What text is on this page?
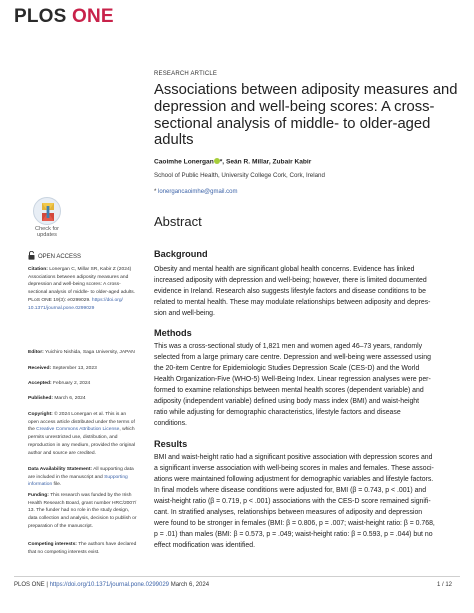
PLOS ONE
RESEARCH ARTICLE
Associations between adiposity measures and
depression and well-being scores: A cross-
sectional analysis of middle- to older-aged
adults
Caoimhe Lonergan *, Seán R. Millar, Zubair Kabir
School of Public Health, University College Cork, Cork, Ireland
* lonergancaoimhe@gmail.com
Abstract
Background
Obesity and mental health are significant global health concerns. Evidence has linked
increased adiposity with depression and well-being; however, there is limited documented
evidence in Ireland. Research also suggests lifestyle factors and disease conditions to be
related to mental health. These may modulate relationships between adiposity and depres-
sion and well-being.
Methods
This was a cross-sectional study of 1,821 men and women aged 46–73 years, randomly
selected from a large primary care centre. Depression and well-being were assessed using
the 20-item Centre for Epidemiologic Studies Depression Scale (CES-D) and the World
Health Organization-Five (WHO-5) Well-Being Index. Linear regression analyses were per-
formed to examine relationships between mental health scores (dependent variable) and
adiposity (independent variable) defined using body mass index (BMI) and waist-height
ratio while adjusting for demographic characteristics, lifestyle factors and disease
conditions.
Results
BMI and waist-height ratio had a significant positive association with depression scores and
a significant inverse association with well-being scores in males and females. These associ-
ations were maintained following adjustment for demographic variables and lifestyle factors.
In final models where disease conditions were adjusted for, BMI (β = 0.743, p < .001) and
waist-height ratio (β = 0.719, p < .001) associations with the CES-D score remained signifi-
cant. In stratified analyses, relationships between measures of adiposity and depression
were found to be stronger in females (BMI: β = 0.806, p = .007; waist-height ratio: β = 0.768,
p = .01) than males (BMI: β = 0.573, p = .049; waist-height ratio: β = 0.593, p = .044) but no
effect modification was identified.
Check for
updates
OPEN ACCESS
Citation: Lonergan C, Millar SR, Kabir Z (2024)
Associations between adiposity measures and
depression and well-being scores: A cross-
sectional analysis of middle- to older-aged adults.
PLoS ONE 19(3): e0299029. https://doi.org/
10.1371/journal.pone.0299029
Editor: Yuichiro Nishida, Saga University, JAPAN
Received: September 13, 2023
Accepted: February 2, 2024
Published: March 6, 2024
Copyright: © 2024 Lonergan et al. This is an
open access article distributed under the terms of
the Creative Commons Attribution License, which
permits unrestricted use, distribution, and
reproduction in any medium, provided the original
author and source are credited.
Data Availability Statement: All supporting data
are included in the manuscript and Supporting
information file.
Funding: This research was funded by the Irish
Health Research Board, grant number HRC/2007/
13. The funder had no role in the study design,
data collection and analysis, decision to publish or
preparation of the manuscript.
Competing interests: The authors have declared
that no competing interests exist.
PLOS ONE | https://doi.org/10.1371/journal.pone.0299029 March 6, 2024	1 / 12
